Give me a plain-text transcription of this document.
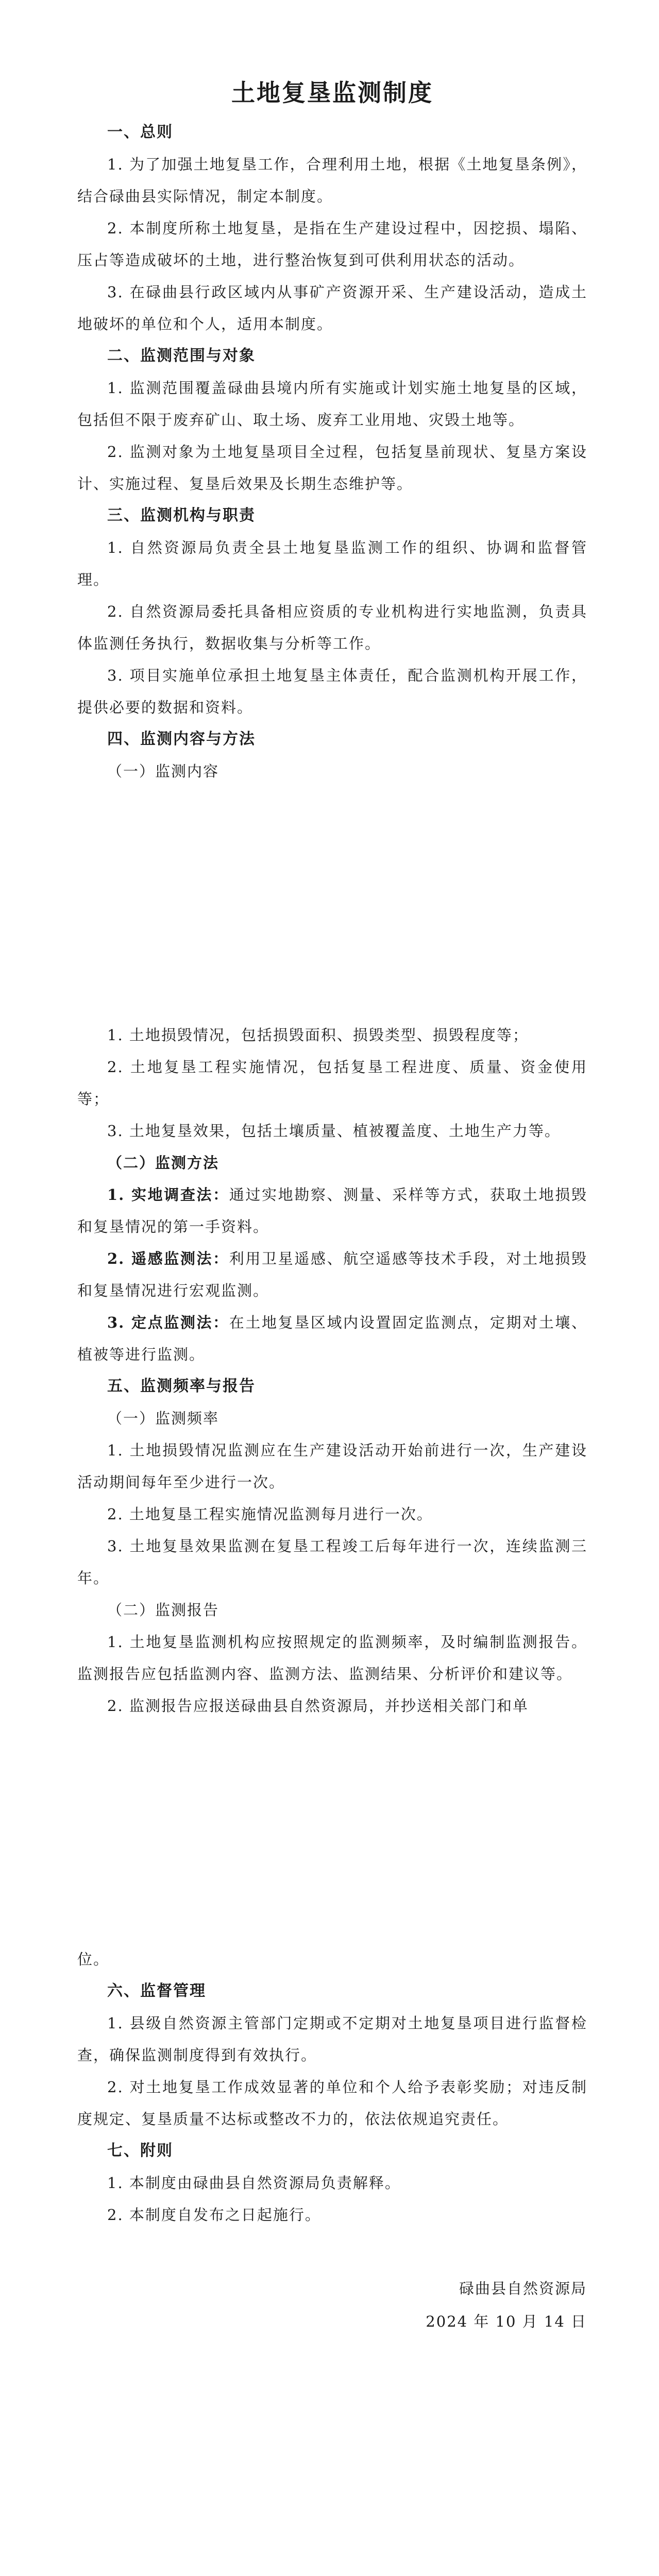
土地复垦监测制度
一、总则

1. 为了加强土地复垦工作，合理利用土地，根据《土地复垦条例》，结合碌曲县实际情况，制定本制度。

2. 本制度所称土地复垦，是指在生产建设过程中，因挖损、塌陷、压占等造成破坏的土地，进行整治恢复到可供利用状态的活动。

3. 在碌曲县行政区域内从事矿产资源开采、生产建设活动，造成土地破坏的单位和个人，适用本制度。

二、监测范围与对象

1. 监测范围覆盖碌曲县境内所有实施或计划实施土地复垦的区域，包括但不限于废弃矿山、取土场、废弃工业用地、灾毁土地等。

2. 监测对象为土地复垦项目全过程，包括复垦前现状、复垦方案设计、实施过程、复垦后效果及长期生态维护等。

三、监测机构与职责

1. 自然资源局负责全县土地复垦监测工作的组织、协调和监督管理。

2. 自然资源局委托具备相应资质的专业机构进行实地监测，负责具体监测任务执行，数据收集与分析等工作。

3. 项目实施单位承担土地复垦主体责任，配合监测机构开展工作，提供必要的数据和资料。

四、监测内容与方法
（一）监测内容

1. 土地损毁情况，包括损毁面积、损毁类型、损毁程度等；

2. 土地复垦工程实施情况，包括复垦工程进度、质量、资金使用等；

3. 土地复垦效果，包括土壤质量、植被覆盖度、土地生产力等。

（二）监测方法

1. 实地调查法：通过实地勘察、测量、采样等方式，获取土地损毁和复垦情况的第一手资料。

2. 遥感监测法：利用卫星遥感、航空遥感等技术手段，对土地损毁和复垦情况进行宏观监测。

3. 定点监测法：在土地复垦区域内设置固定监测点，定期对土壤、植被等进行监测。

五、监测频率与报告
（一）监测频率

1. 土地损毁情况监测应在生产建设活动开始前进行一次，生产建设活动期间每年至少进行一次。

2. 土地复垦工程实施情况监测每月进行一次。

3. 土地复垦效果监测在复垦工程竣工后每年进行一次，连续监测三年。

（二）监测报告

1. 土地复垦监测机构应按照规定的监测频率，及时编制监测报告。监测报告应包括监测内容、监测方法、监测结果、分析评价和建议等。

2. 监测报告应报送碌曲县自然资源局，并抄送相关部门和单

位。

六、监督管理

1. 县级自然资源主管部门定期或不定期对土地复垦项目进行监督检查，确保监测制度得到有效执行。

2. 对土地复垦工作成效显著的单位和个人给予表彰奖励；对违反制度规定、复垦质量不达标或整改不力的，依法依规追究责任。

七、附则

1. 本制度由碌曲县自然资源局负责解释。

2. 本制度自发布之日起施行。

碌曲县自然资源局
2024 年 10 月 14 日
